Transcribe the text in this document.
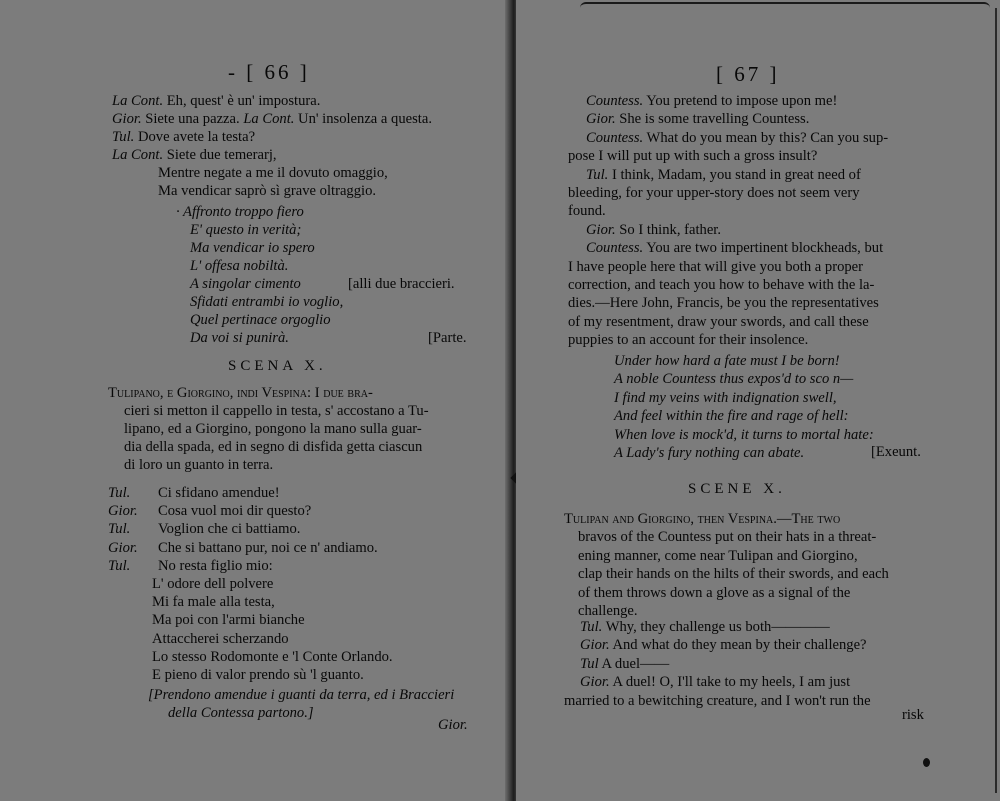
- [ 66 ]
La Cont. Eh, quest' è un' impostura.
Gior. Siete una pazza. La Cont. Un' insolenza a questa.
Tul. Dove avete la testa?
La Cont. Siete due temerarj,
Mentre negate a me il dovuto omaggio,
Ma vendicar saprò sì grave oltraggio.
· Affronto troppo fiero
E' questo in verità;
Ma vendicar io spero
L' offesa nobiltà.
A singolar cimento	[alli due braccieri.
Sfidati entrambi io voglio,
Quel pertinace orgoglio
Da voi si punirà.	[Parte.
SCENA X.
Tulipano, e Giorgino, indi Vespina: I due bra-
cieri si metton il cappello in testa, s' accostano a Tu-
lipano, ed a Giorgino, pongono la mano sulla guar-
dia della spada, ed in segno di disfida getta ciascun
di loro un guanto in terra.
Tul. Ci sfidano amendue!
Gior. Cosa vuol moi dir questo?
Tul. Voglion che ci battiamo.
Gior. Che si battano pur, noi ce n' andiamo.
Tul. No resta figlio mio:
L' odore dell polvere
Mi fa male alla testa,
Ma poi con l'armi bianche
Attaccherei scherzando
Lo stesso Rodomonte e 'l Conte Orlando.
E pieno di valor prendo sù 'l guanto.
[Prendono amendue i guanti da terra, ed i Braccieri
della Contessa partono.]
Gior.
[ 67 ]
Countess. You pretend to impose upon me!
Gior. She is some travelling Countess.
Countess. What do you mean by this? Can you sup-
pose I will put up with such a gross insult?
Tul. I think, Madam, you stand in great need of
bleeding, for your upper-story does not seem very
found.
Gior. So I think, father.
Countess. You are two impertinent blockheads, but
I have people here that will give you both a proper
correction, and teach you how to behave with the la-
dies.—Here John, Francis, be you the representatives
of my resentment, draw your swords, and call these
puppies to an account for their insolence.
Under how hard a fate must I be born!
A noble Countess thus expos'd to sco n—
I find my veins with indignation swell,
And feel within the fire and rage of hell:
When love is mock'd, it turns to mortal hate:
A Lady's fury nothing can abate.	[Exeunt.
SCENE X.
Tulipan and Giorgino, then Vespina.—The two
bravos of the Countess put on their hats in a threat-
ening manner, come near Tulipan and Giorgino,
clap their hands on the hilts of their swords, and each
of them throws down a glove as a signal of the
challenge.
Tul. Why, they challenge us both————
Gior. And what do they mean by their challenge?
Tul A duel——
Gior. A duel! O, I'll take to my heels, I am just
married to a bewitching creature, and I won't run the
risk
